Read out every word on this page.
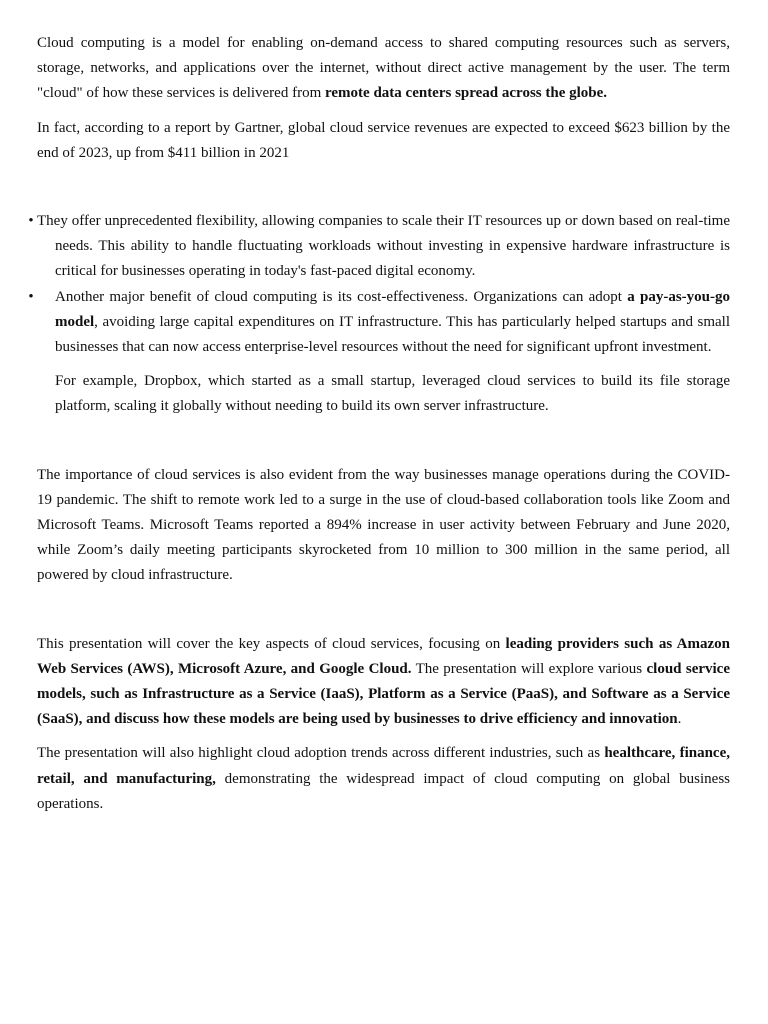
Cloud computing is a model for enabling on-demand access to shared computing resources such as servers, storage, networks, and applications over the internet, without direct active management by the user. The term "cloud" of how these services is delivered from remote data centers spread across the globe.

In fact, according to a report by Gartner, global cloud service revenues are expected to exceed $623 billion by the end of 2023, up from $411 billion in 2021

• They offer unprecedented flexibility, allowing companies to scale their IT resources up or down based on real-time needs. This ability to handle fluctuating workloads without investing in expensive hardware infrastructure is critical for businesses operating in today's fast-paced digital economy.
• Another major benefit of cloud computing is its cost-effectiveness. Organizations can adopt a pay-as-you-go model, avoiding large capital expenditures on IT infrastructure. This has particularly helped startups and small businesses that can now access enterprise-level resources without the need for significant upfront investment.

For example, Dropbox, which started as a small startup, leveraged cloud services to build its file storage platform, scaling it globally without needing to build its own server infrastructure.

The importance of cloud services is also evident from the way businesses manage operations during the COVID-19 pandemic. The shift to remote work led to a surge in the use of cloud-based collaboration tools like Zoom and Microsoft Teams. Microsoft Teams reported a 894% increase in user activity between February and June 2020, while Zoom’s daily meeting participants skyrocketed from 10 million to 300 million in the same period, all powered by cloud infrastructure.

This presentation will cover the key aspects of cloud services, focusing on leading providers such as Amazon Web Services (AWS), Microsoft Azure, and Google Cloud. The presentation will explore various cloud service models, such as Infrastructure as a Service (IaaS), Platform as a Service (PaaS), and Software as a Service (SaaS), and discuss how these models are being used by businesses to drive efficiency and innovation.

The presentation will also highlight cloud adoption trends across different industries, such as healthcare, finance, retail, and manufacturing, demonstrating the widespread impact of cloud computing on global business operations.
